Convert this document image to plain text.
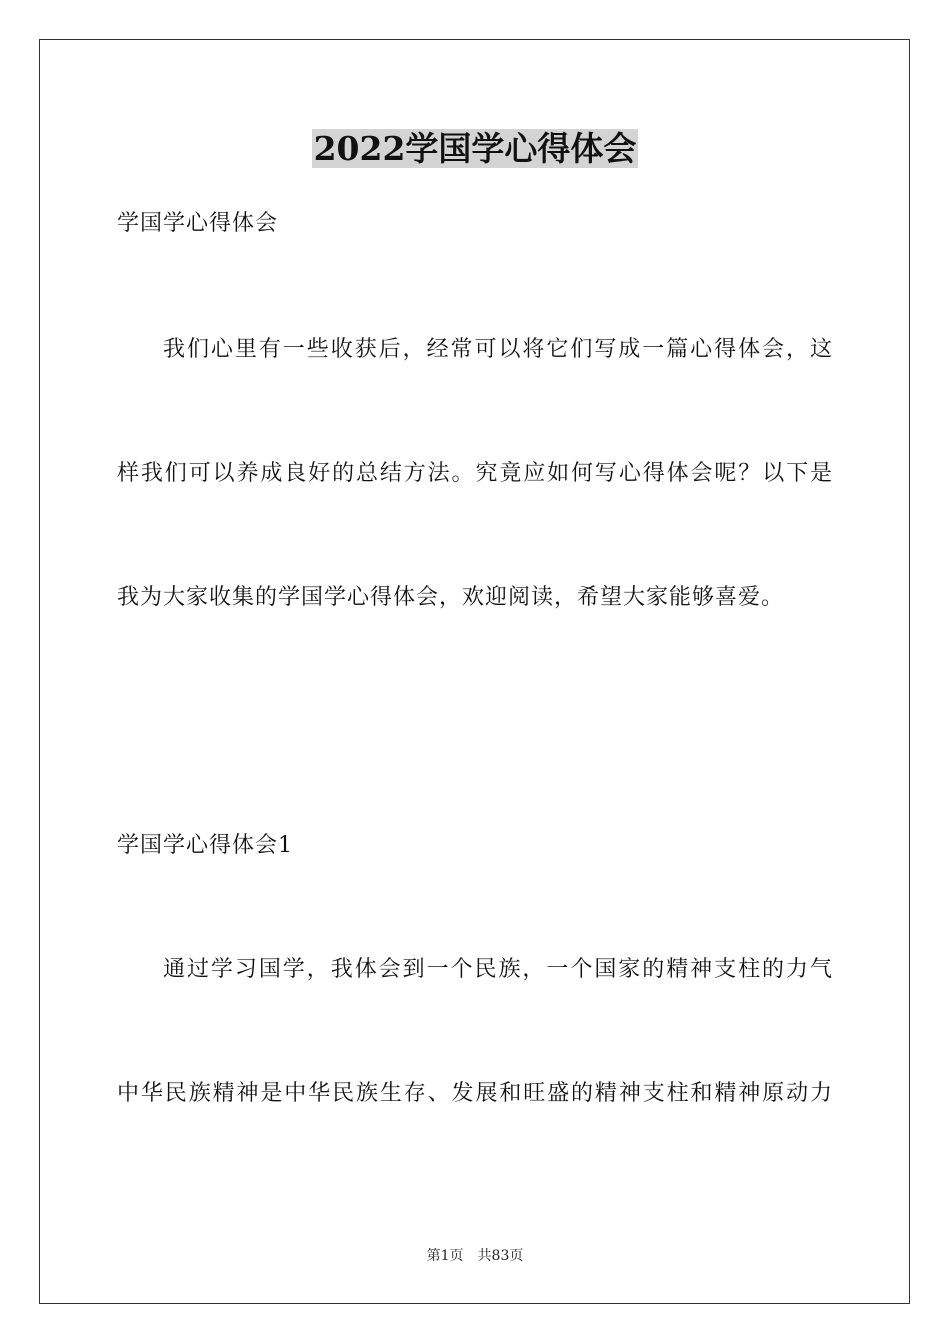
2022学国学心得体会
学国学心得体会
我们心里有一些收获后，经常可以将它们写成一篇心得体会，这
样我们可以养成良好的总结方法。究竟应如何写心得体会呢？以下是
我为大家收集的学国学心得体会，欢迎阅读，希望大家能够喜爱。
学国学心得体会1
通过学习国学，我体会到一个民族，一个国家的精神支柱的力气
中华民族精神是中华民族生存、发展和旺盛的精神支柱和精神原动力
第1页　共83页
